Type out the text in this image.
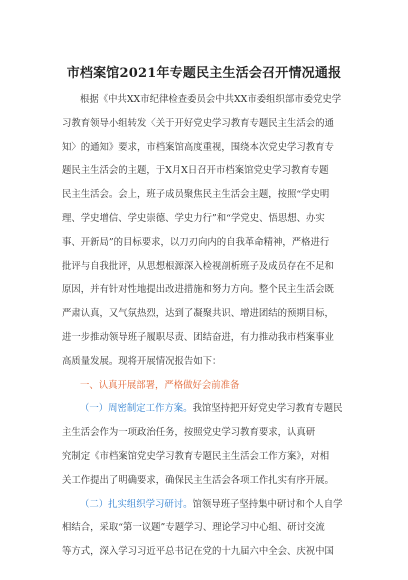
市档案馆2021年专题民主生活会召开情况通报
根据《中共XX市纪律检查委员会中共XX市委组织部市委党史学
习教育领导小组转发〈关于开好党史学习教育专题民主生活会的通
知〉的通知》要求，市档案馆高度重视，围绕本次党史学习教育专
题民主生活会的主题，于X月X日召开市档案馆党史学习教育专题
民主生活会。会上，班子成员聚焦民主生活会主题，按照“学史明
理、学史增信、学史崇德、学史力行”和“学党史、悟思想、办实
事、开新局”的目标要求，以刀刃向内的自我革命精神，严格进行
批评与自我批评，从思想根源深入检视剖析班子及成员存在不足和
原因，并有针对性地提出改进措施和努力方向。整个民主生活会既
严肃认真，又气氛热烈，达到了凝聚共识、增进团结的预期目标，
进一步推动领导班子履职尽责、团结奋进，有力推动我市档案事业
高质量发展。现将开展情况报告如下：
一、认真开展部署，严格做好会前准备
（一）周密制定工作方案。我馆坚持把开好党史学习教育专题民
主生活会作为一项政治任务，按照党史学习教育要求，认真研
究制定《市档案馆党史学习教育专题民主生活会工作方案》，对相
关工作提出了明确要求，确保民主生活会各项工作扎实有序开展。
（二）扎实组织学习研讨。馆领导班子坚持集中研讨和个人自学
相结合，采取“第一议题”专题学习、理论学习中心组、研讨交流
等方式，深入学习习近平总书记在党的十九届六中全会、庆祝中国
